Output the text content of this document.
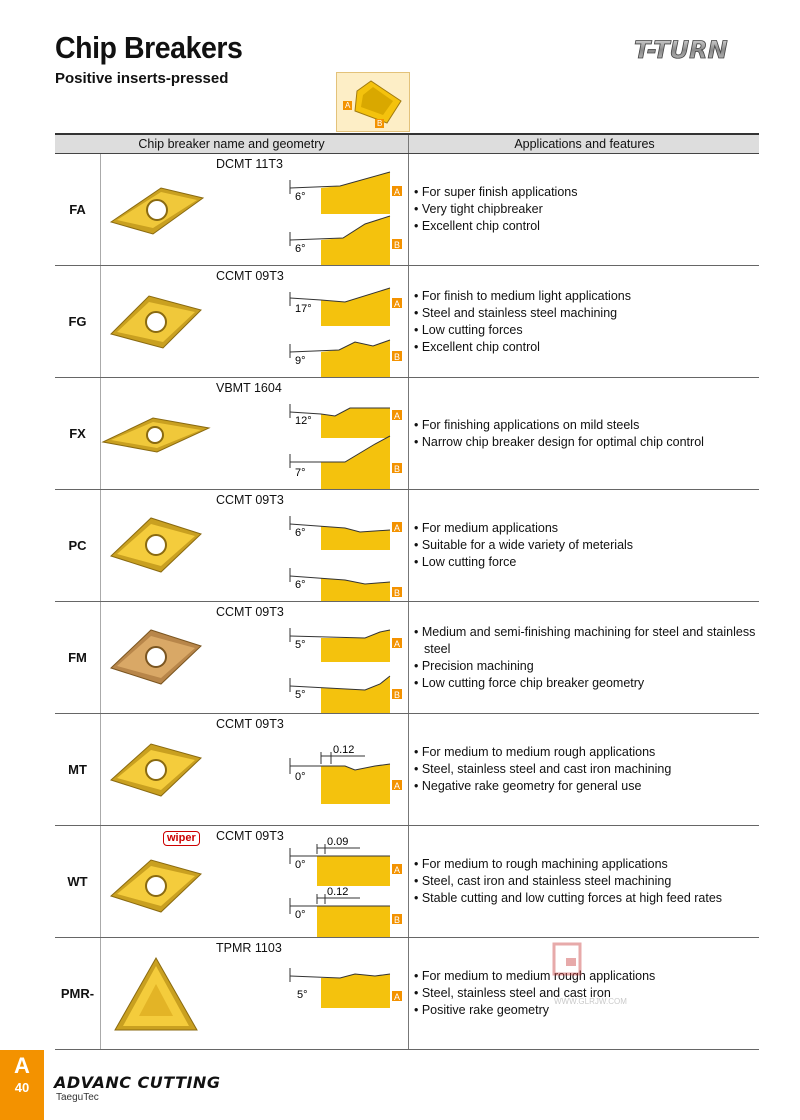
Chip Breakers
Positive inserts-pressed
T-TURN
A
B
Chip breaker name and geometry	Applications and features
FA
DCMT 11T3
6°	A
6°	B
• For super finish applications
• Very tight chipbreaker
• Excellent chip control
FG
CCMT 09T3
17°	A
9°	B
• For finish to medium light applications
• Steel and stainless steel machining
• Low cutting forces
• Excellent chip control
FX
VBMT 1604
12°	A
7°	B
• For finishing applications on mild steels
• Narrow chip breaker design for optimal chip control
PC
CCMT 09T3
6°	A
6°
B
• For medium applications
• Suitable for a wide variety of meterials
• Low cutting force
FM
CCMT 09T3
5°	A
5°	B
• Medium and semi-finishing machining for steel and stainless steel
• Precision machining
• Low cutting force chip breaker geometry
MT
CCMT 09T3
0.12
0°
A
• For medium to medium rough applications
• Steel, stainless steel and cast iron machining
• Negative rake geometry for general use
WT
wiper	CCMT 09T3	0.09
0°	A
0.12
0°	B
• For medium to rough machining applications
• Steel, cast iron and stainless steel machining
• Stable cutting and low cutting forces at high feed rates
PMR-
TPMR 1103
5°	A
• For medium to medium rough applications
• Steel, stainless steel and cast iron
• Positive rake geometry
WWW.GLRJW.COM
A
40	ADVANC CUTTING
TaeguTec
